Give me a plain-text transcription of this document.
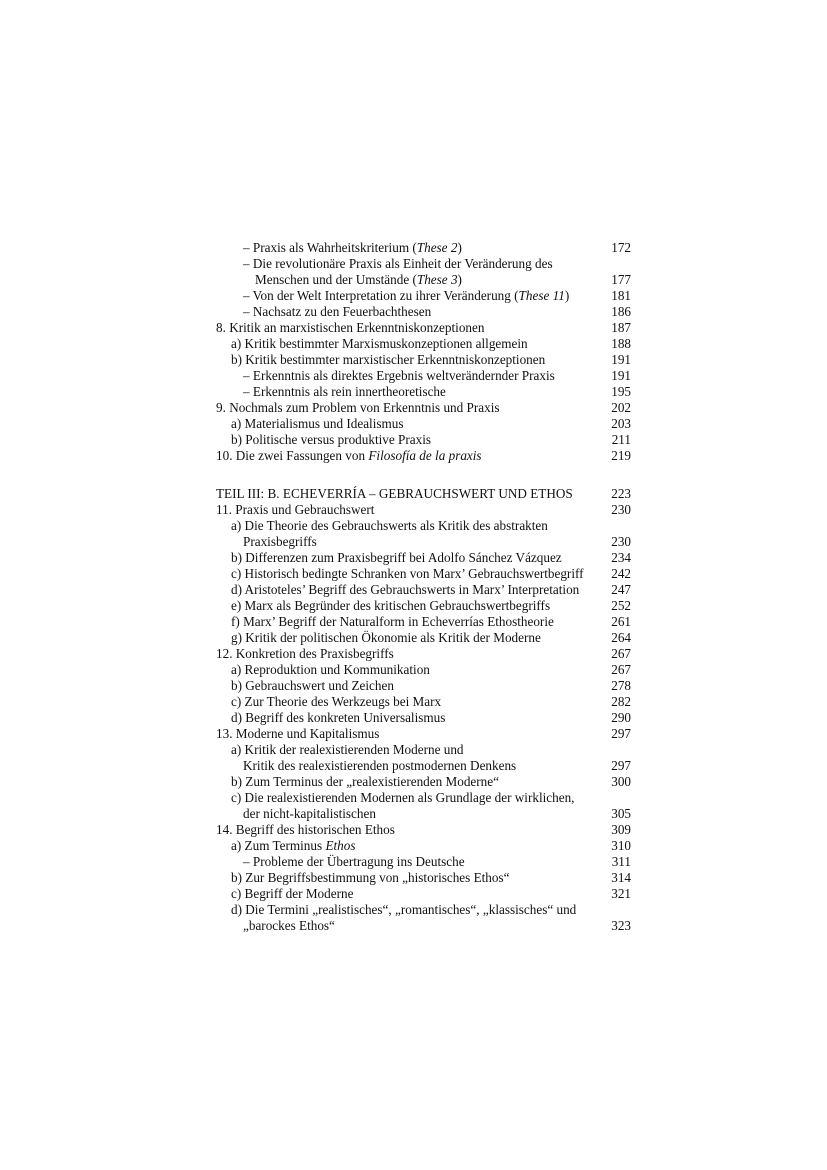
– Praxis als Wahrheitskriterium (These 2)	172
– Die revolutionäre Praxis als Einheit der Veränderung des
Menschen und der Umstände (These 3)	177
– Von der Welt Interpretation zu ihrer Veränderung (These 11)	181
– Nachsatz zu den Feuerbachthesen	186
8. Kritik an marxistischen Erkenntniskonzeptionen	187
a) Kritik bestimmter Marxismuskonzeptionen allgemein	188
b) Kritik bestimmter marxistischer Erkenntniskonzeptionen	191
– Erkenntnis als direktes Ergebnis weltverändernder Praxis	191
– Erkenntnis als rein innertheoretische	195
9. Nochmals zum Problem von Erkenntnis und Praxis	202
a) Materialismus und Idealismus	203
b) Politische versus produktive Praxis	211
10. Die zwei Fassungen von Filosofía de la praxis	219
TEIL III: B. ECHEVERRÍA – GEBRAUCHSWERT UND ETHOS	223
11. Praxis und Gebrauchswert	230
a) Die Theorie des Gebrauchswerts als Kritik des abstrakten
Praxisbegriffs	230
b) Differenzen zum Praxisbegriff bei Adolfo Sánchez Vázquez	234
c) Historisch bedingte Schranken von Marx’ Gebrauchswertbegriff 242
d) Aristoteles’ Begriff des Gebrauchswerts in Marx’ Interpretation 247
e) Marx als Begründer des kritischen Gebrauchswertbegriffs	252
f) Marx’ Begriff der Naturalform in Echeverrías Ethostheorie	261
g) Kritik der politischen Ökonomie als Kritik der Moderne	264
12. Konkretion des Praxisbegriffs	267
a) Reproduktion und Kommunikation	267
b) Gebrauchswert und Zeichen	278
c) Zur Theorie des Werkzeugs bei Marx	282
d) Begriff des konkreten Universalismus	290
13. Moderne und Kapitalismus	297
a) Kritik der realexistierenden Moderne und
Kritik des realexistierenden postmodernen Denkens	297
b) Zum Terminus der „realexistierenden Moderne“	300
c) Die realexistierenden Modernen als Grundlage der wirklichen,
der nicht-kapitalistischen	305
14. Begriff des historischen Ethos	309
a) Zum Terminus Ethos	310
– Probleme der Übertragung ins Deutsche	311
b) Zur Begriffsbestimmung von „historisches Ethos“	314
c) Begriff der Moderne	321
d) Die Termini „realistisches“, „romantisches“, „klassisches“ und
„barockes Ethos“	323
